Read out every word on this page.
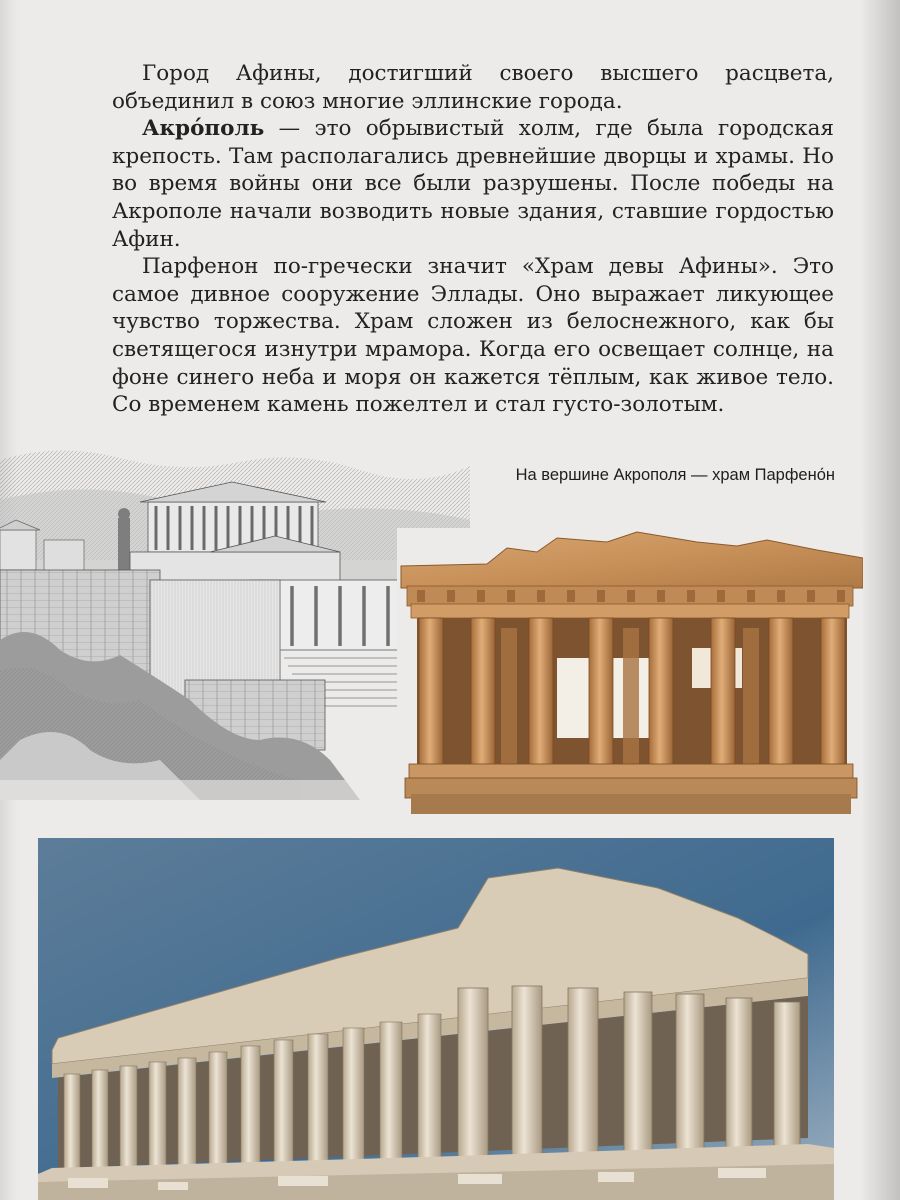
Город Афины, достигший своего высшего расцвета, объединил в союз многие эллинские города.

Акро́поль — это обрывистый холм, где была городская крепость. Там располагались древнейшие дворцы и храмы. Но во время войны они все были разрушены. После победы на Акрополе начали возводить новые здания, ставшие гордостью Афин.

Парфенон по-гречески значит «Храм девы Афины». Это самое дивное сооружение Эллады. Оно выражает ликующее чувство торжества. Храм сложен из белоснежного, как бы светящегося изнутри мрамора. Когда его освещает солнце, на фоне синего неба и моря он кажется тёплым, как живое тело. Со временем камень пожелтел и стал густо-золотым.

На вершине Акрополя — храм Парфено́н
